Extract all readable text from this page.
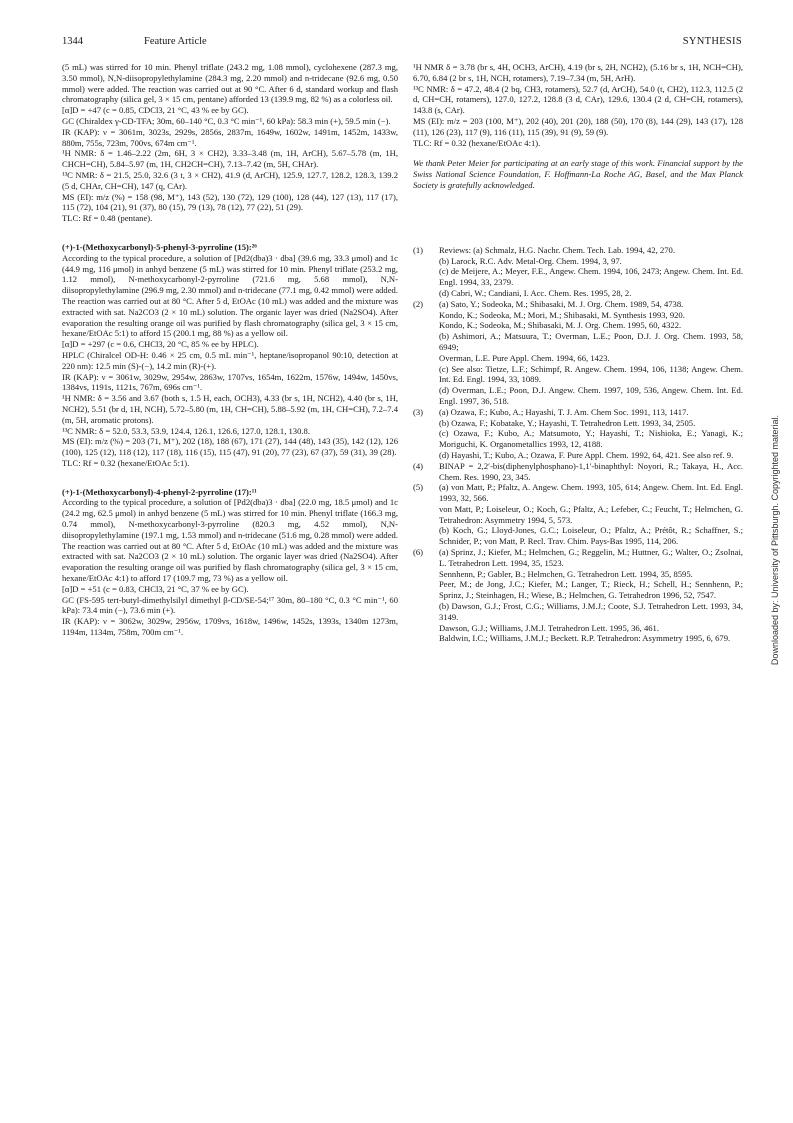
1344	Feature Article	SYNTHESIS

(5 mL) was stirred for 10 min. Phenyl triflate (243.2 mg, 1.08 mmol), cyclohexene (287.3 mg, 3.50 mmol), N,N-diisopropylethylamine (284.3 mg, 2.20 mmol) and n-tridecane (92.6 mg, 0.50 mmol) were added. The reaction was carried out at 90 °C. After 6 d, standard workup and flash chromatography (silica gel, 3 × 15 cm, pentane) afforded 13 (139.9 mg, 82 %) as a colorless oil.

[α]D = +47 (c = 0.85, CDCl3, 21 °C, 43 % ee by GC).

GC (Chiraldex γ-CD-TFA; 30m, 60–140 °C, 0.3 °C min⁻¹, 60 kPa): 58.3 min (+), 59.5 min (−).

IR (KAP): ν = 3061m, 3023s, 2929s, 2856s, 2837m, 1649w, 1602w, 1491m, 1452m, 1433w, 880m, 755s, 723m, 700vs, 674m cm⁻¹.

¹H NMR: δ = 1.46–2.22 (2m, 6H, 3 × CH2), 3.33–3.48 (m, 1H, ArCH), 5.67–5.78 (m, 1H, CHCH=CH), 5.84–5.97 (m, 1H, CH2CH=CH), 7.13–7.42 (m, 5H, CHAr).

¹³C NMR: δ = 21.5, 25.0, 32.6 (3 t, 3 × CH2), 41.9 (d, ArCH), 125.9, 127.7, 128.2, 128.3, 139.2 (5 d, CHAr, CH=CH), 147 (q, CAr).

MS (EI): m/z (%) = 158 (98, M⁺), 143 (52), 130 (72), 129 (100), 128 (44), 127 (13), 117 (17), 115 (72), 104 (21), 91 (37), 80 (15), 79 (13), 78 (12), 77 (22), 51 (29).

TLC: Rf = 0.48 (pentane).

(+)-1-(Methoxycarbonyl)-5-phenyl-3-pyrroline (15):²⁶

According to the typical procedure, a solution of [Pd2(dba)3 · dba] (39.6 mg, 33.3 μmol) and 1c (44.9 mg, 116 μmol) in anhyd benzene (5 mL) was stirred for 10 min. Phenyl triflate (253.2 mg, 1.12 mmol), N-methoxycarbonyl-2-pyrroline (721.6 mg, 5.68 mmol), N,N-diisopropylethylamine (296.9 mg, 2.30 mmol) and n-tridecane (77.1 mg, 0.42 mmol) were added. The reaction was carried out at 80 °C. After 5 d, EtOAc (10 mL) was added and the mixture was extracted with sat. Na2CO3 (2 × 10 mL) solution. The organic layer was dried (Na2SO4). After evaporation the resulting orange oil was purified by flash chromatography (silica gel, 3 × 15 cm, hexane/EtOAc 5:1) to afford 15 (200.1 mg, 88 %) as a yellow oil.

[α]D = +297 (c = 0.6, CHCl3, 20 °C, 85 % ee by HPLC).

HPLC (Chiralcel OD-H: 0.46 × 25 cm, 0.5 mL min⁻¹, heptane/isopropanol 90:10, detection at 220 nm): 12.5 min (S)-(−), 14.2 min (R)-(+).

IR (KAP): ν = 3061w, 3029w, 2954w, 2863w, 1707vs, 1654m, 1622m, 1576w, 1494w, 1450vs, 1384vs, 1191s, 1121s, 767m, 696s cm⁻¹.

¹H NMR: δ = 3.56 and 3.67 (both s, 1.5 H, each, OCH3), 4.33 (br s, 1H, NCH2), 4.40 (br s, 1H, NCH2), 5.51 (br d, 1H, NCH), 5.72–5.80 (m, 1H, CH=CH), 5.88–5.92 (m, 1H, CH=CH), 7.2–7.4 (m, 5H, aromatic protons).

¹³C NMR: δ = 52.0, 53.3, 53.9, 124.4, 126.1, 126.6, 127.0, 128.1, 130.8.

MS (EI): m/z (%) = 203 (71, M⁺), 202 (18), 188 (67), 171 (27), 144 (48), 143 (35), 142 (12), 126 (100), 125 (12), 118 (12), 117 (18), 116 (15), 115 (47), 91 (20), 77 (23), 67 (37), 59 (31), 39 (28).

TLC: Rf = 0.32 (hexane/EtOAc 5:1).

(+)-1-(Methoxycarbonyl)-4-phenyl-2-pyrroline (17):¹¹

According to the typical procedure, a solution of [Pd2(dba)3 · dba] (22.0 mg, 18.5 μmol) and 1c (24.2 mg, 62.5 μmol) in anhyd benzene (5 mL) was stirred for 10 min. Phenyl triflate (166.3 mg, 0.74 mmol), N-methoxycarbonyl-3-pyrroline (820.3 mg, 4.52 mmol), N,N-diisopropylethylamine (197.1 mg, 1.53 mmol) and n-tridecane (51.6 mg, 0.28 mmol) were added. The reaction was carried out at 80 °C. After 5 d, EtOAc (10 mL) was added and the mixture was extracted with sat. Na2CO3 (2 × 10 mL) solution. The organic layer was dried (Na2SO4). After evaporation the resulting orange oil was purified by flash chromatography (silica gel, 3 × 15 cm, hexane/EtOAc 4:1) to afford 17 (109.7 mg, 73 %) as a yellow oil.

[α]D = +51 (c = 0.83, CHCl3, 21 °C, 37 % ee by GC).

GC (FS-595 tert-butyl-dimethylsilyl dimethyl β-CD/SE-54;¹⁷ 30m, 80–180 °C, 0.3 °C min⁻¹, 60 kPa): 73.4 min (−), 73.6 min (+).

IR (KAP): ν = 3062w, 3029w, 2956w, 1709vs, 1618w, 1496w, 1452s, 1393s, 1340m 1273m, 1194m, 1134m, 758m, 700m cm⁻¹.

¹H NMR δ = 3.78 (br s, 4H, OCH3, ArCH), 4.19 (br s, 2H, NCH2), (5.16 br s, 1H, NCH=CH), 6.70, 6.84 (2 br s, 1H, NCH, rotamers), 7.19–7.34 (m, 5H, ArH).

¹³C NMR: δ = 47.2, 48.4 (2 bq, CH3, rotamers), 52.7 (d, ArCH), 54.0 (t, CH2), 112.3, 112.5 (2 d, CH=CH, rotamers), 127.0, 127.2, 128.8 (3 d, CAr), 129.6, 130.4 (2 d, CH=CH, rotamers), 143.8 (s, CAr).

MS (EI): m/z = 203 (100, M⁺), 202 (40), 201 (20), 188 (50), 170 (8), 144 (29), 143 (17), 128 (11), 126 (23), 117 (9), 116 (11), 115 (39), 91 (9), 59 (9).

TLC: Rf = 0.32 (hexane/EtOAc 4:1).

We thank Peter Meier for participating at an early stage of this work. Financial support by the Swiss National Science Foundation, F. Hoffmann-La Roche AG, Basel, and the Max Planck Society is gratefully acknowledged.

(1)	Reviews: (a) Schmalz, H.G. Nachr. Chem. Tech. Lab. 1994, 42, 270.

(b) Larock, R.C. Adv. Metal-Org. Chem. 1994, 3, 97.

(c) de Meijere, A.; Meyer, F.E., Angew. Chem. 1994, 106, 2473; Angew. Chem. Int. Ed. Engl. 1994, 33, 2379.

(d) Cabri, W.; Candiani, I. Acc. Chem. Res. 1995, 28, 2.

(2)	(a) Sato, Y.; Sodeoka, M.; Shibasaki, M. J. Org. Chem. 1989, 54, 4738.

Kondo, K.; Sodeoka, M.; Mori, M.; Shibasaki, M. Synthesis 1993, 920.

Kondo, K.; Sodeoka, M.; Shibasaki, M. J. Org. Chem. 1995, 60, 4322.

(b) Ashimori, A.; Matsuura, T.; Overman, L.E.; Poon, D.J. J. Org. Chem. 1993, 58, 6949;

Overman, L.E. Pure Appl. Chem. 1994, 66, 1423.

(c) See also: Tietze, L.F.; Schimpf, R. Angew. Chem. 1994, 106, 1138; Angew. Chem. Int. Ed. Engl. 1994, 33, 1089.

(d) Overman, L.E.; Poon, D.J. Angew. Chem. 1997, 109, 536, Angew. Chem. Int. Ed. Engl. 1997, 36, 518.

(3)	(a) Ozawa, F.; Kubo, A.; Hayashi, T. J. Am. Chem Soc. 1991, 113, 1417.

(b) Ozawa, F.; Kobatake, Y.; Hayashi, T. Tetrahedron Lett. 1993, 34, 2505.

(c) Ozawa, F.; Kubo, A.; Matsumoto, Y.; Hayashi, T.; Nishioka, E.; Yanagi, K.; Moriguchi, K. Organometallics 1993, 12, 4188.

(d) Hayashi, T.; Kubo, A.; Ozawa, F. Pure Appl. Chem. 1992, 64, 421. See also ref. 9.

(4)	BINAP = 2,2′-bis(diphenylphosphano)-1,1′-binaphthyl: Noyori, R.; Takaya, H., Acc. Chem. Res. 1990, 23, 345.

(5)	(a) von Matt, P.; Pfaltz, A. Angew. Chem. 1993, 105, 614; Angew. Chem. Int. Ed. Engl. 1993, 32, 566.

von Matt, P.; Loiseleur, O.; Koch, G.; Pfaltz, A.; Lefeber, C.; Feucht, T.; Helmchen, G. Tetrahedron: Asymmetry 1994, 5, 573.

(b) Koch, G.; Lloyd-Jones, G.C.; Loiseleur, O.; Pfaltz, A.; Prétôt, R.; Schaffner, S.; Schnider, P.; von Matt, P. Recl. Trav. Chim. Pays-Bas 1995, 114, 206.

(6)	(a) Sprinz, J.; Kiefer, M.; Helmchen, G.; Reggelin, M.; Huttner, G.; Walter, O.; Zsolnai, L. Tetrahedron Lett. 1994, 35, 1523.

Sennhenn, P.; Gabler, B.; Helmchen, G. Tetrahedron Lett. 1994, 35, 8595.

Peer, M.; de Jong, J.C.; Kiefer, M.; Langer, T.; Rieck, H.; Schell, H.; Sennhenn, P.; Sprinz, J.; Steinhagen, H.; Wiese, B.; Helmchen, G. Tetrahedron 1996, 52, 7547.

(b) Dawson, G.J.; Frost, C.G.; Williams, J.M.J.; Coote, S.J. Tetrahedron Lett. 1993, 34, 3149.

Dawson, G.J.; Williams, J.M.J. Tetrahedron Lett. 1995, 36, 461.

Baldwin, I.C.; Williams, J.M.J.; Beckett. R.P. Tetrahedron: Asymmetry 1995, 6, 679.	Downloaded by: University of Pittsburgh. Copyrighted material.
